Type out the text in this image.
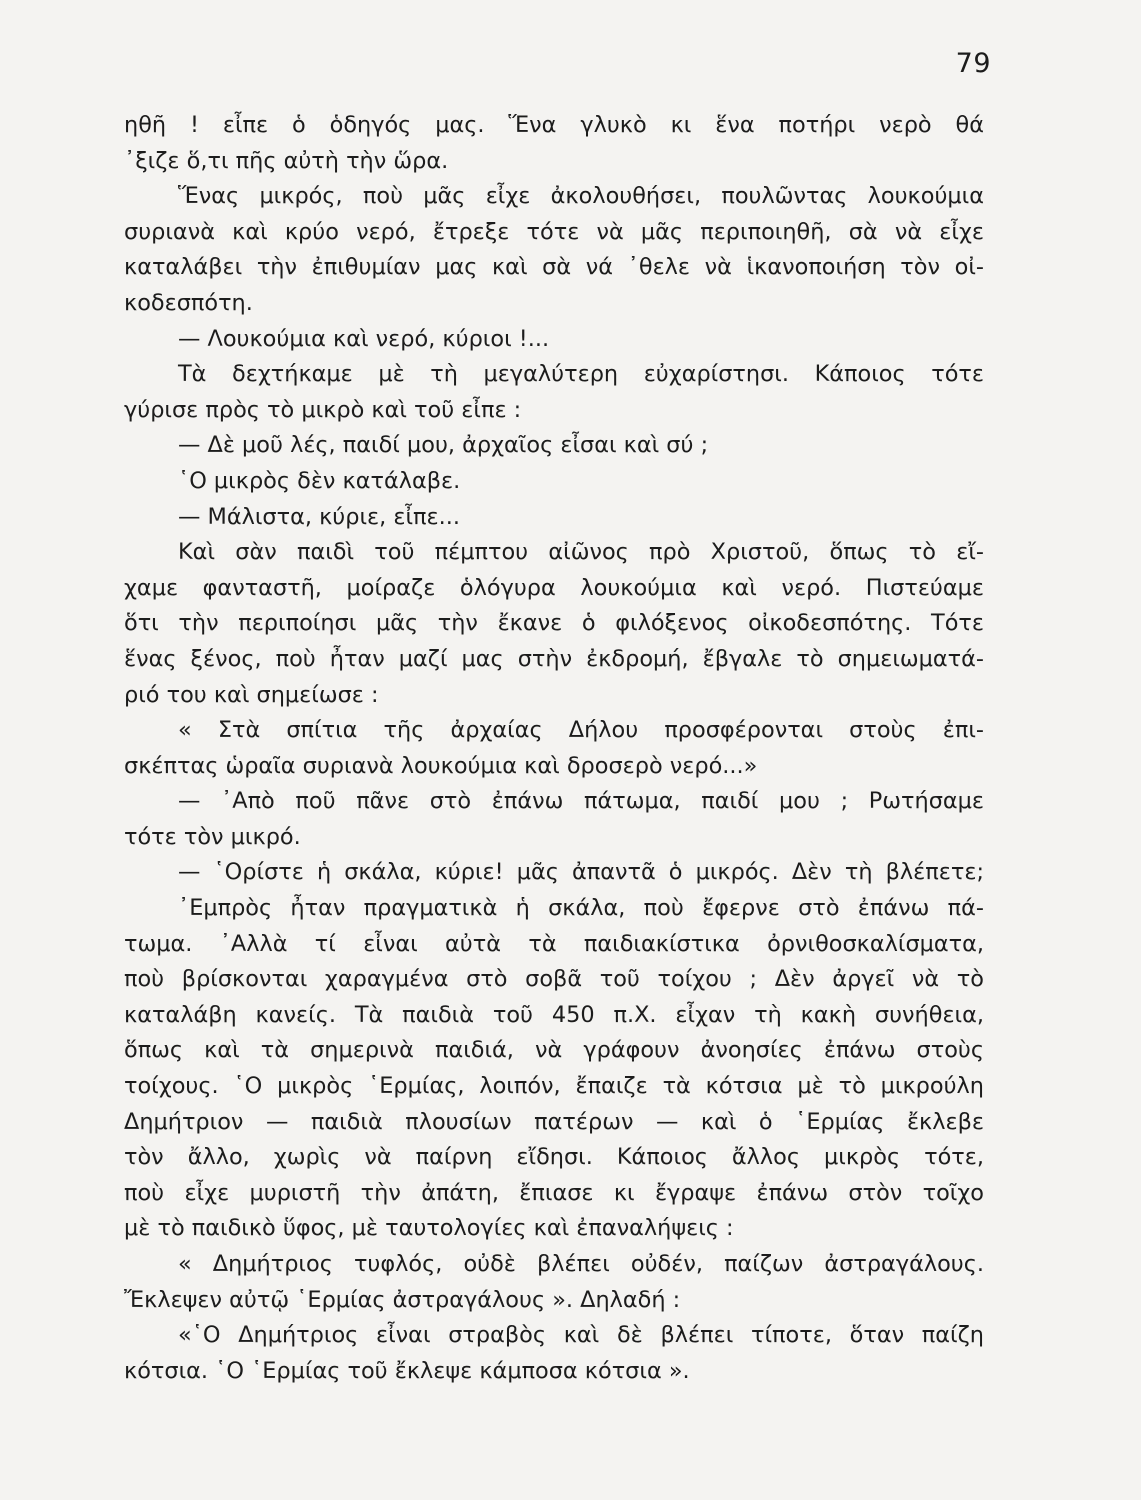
79
ηθῆ ! εἶπε ὁ ὁδηγός μας. Ἕνα γλυκὸ κι ἕνα ποτήρι νερὸ θά
᾿ξιζε ὅ,τι πῆς αὐτὴ τὴν ὥρα.
Ἕνας μικρός, ποὺ μᾶς εἶχε ἀκολουθήσει, πουλῶντας λουκούμια
συριανὰ καὶ κρύο νερό, ἔτρεξε τότε νὰ μᾶς περιποιηθῆ, σὰ νὰ εἶχε
καταλάβει τὴν ἐπιθυμίαν μας καὶ σὰ νά ᾿θελε νὰ ἱκανοποιήση τὸν οἰ-
κοδεσπότη.
— Λουκούμια καὶ νερό, κύριοι !...
Τὰ δεχτήκαμε μὲ τὴ μεγαλύτερη εὐχαρίστησι. Κάποιος τότε
γύρισε πρὸς τὸ μικρὸ καὶ τοῦ εἶπε :
— Δὲ μοῦ λές, παιδί μου, ἀρχαῖος εἶσαι καὶ σύ ;
῾Ο μικρὸς δὲν κατάλαβε.
— Μάλιστα, κύριε, εἶπε...
Καὶ σὰν παιδὶ τοῦ πέμπτου αἰῶνος πρὸ Χριστοῦ, ὅπως τὸ εἴ-
χαμε φανταστῆ, μοίραζε ὁλόγυρα λουκούμια καὶ νερό. Πιστεύαμε
ὅτι τὴν περιποίησι μᾶς τὴν ἔκανε ὁ φιλόξενος οἰκοδεσπότης. Τότε
ἕνας ξένος, ποὺ ἦταν μαζί μας στὴν ἐκδρομή, ἔβγαλε τὸ σημειωματά-
ριό του καὶ σημείωσε :
« Στὰ σπίτια τῆς ἀρχαίας Δήλου προσφέρονται στοὺς ἐπι-
σκέπτας ὡραῖα συριανὰ λουκούμια καὶ δροσερὸ νερό...»
— ᾿Απὸ ποῦ πᾶνε στὸ ἐπάνω πάτωμα, παιδί μου ; Ρωτήσαμε
τότε τὸν μικρό.
— ῾Ορίστε ἡ σκάλα, κύριε! μᾶς ἀπαντᾶ ὁ μικρός. Δὲν τὴ βλέπετε;
᾿Εμπρὸς ἦταν πραγματικὰ ἡ σκάλα, ποὺ ἔφερνε στὸ ἐπάνω πά-
τωμα. ᾿Αλλὰ τί εἶναι αὐτὰ τὰ παιδιακίστικα ὀρνιθοσκαλίσματα,
ποὺ βρίσκονται χαραγμένα στὸ σοβᾶ τοῦ τοίχου ; Δὲν ἀργεῖ νὰ τὸ
καταλάβη κανείς. Τὰ παιδιὰ τοῦ 450 π.Χ. εἶχαν τὴ κακὴ συνήθεια,
ὅπως καὶ τὰ σημερινὰ παιδιά, νὰ γράφουν ἀνοησίες ἐπάνω στοὺς
τοίχους. ῾Ο μικρὸς ῾Ερμίας, λοιπόν, ἔπαιζε τὰ κότσια μὲ τὸ μικρούλη
Δημήτριον — παιδιὰ πλουσίων πατέρων — καὶ ὁ ῾Ερμίας ἔκλεβε
τὸν ἄλλο, χωρὶς νὰ παίρνη εἴδησι. Κάποιος ἄλλος μικρὸς τότε,
ποὺ εἶχε μυριστῆ τὴν ἀπάτη, ἔπιασε κι ἔγραψε ἐπάνω στὸν τοῖχο
μὲ τὸ παιδικὸ ὕφος, μὲ ταυτολογίες καὶ ἐπαναλήψεις :
« Δημήτριος τυφλός, οὐδὲ βλέπει οὐδέν, παίζων ἀστραγάλους.
Ἔκλεψεν αὐτῷ ῾Ερμίας ἀστραγάλους ». Δηλαδή :
«῾Ο Δημήτριος εἶναι στραβὸς καὶ δὲ βλέπει τίποτε, ὅταν παίζη
κότσια. ῾Ο ῾Ερμίας τοῦ ἔκλεψε κάμποσα κότσια ».
